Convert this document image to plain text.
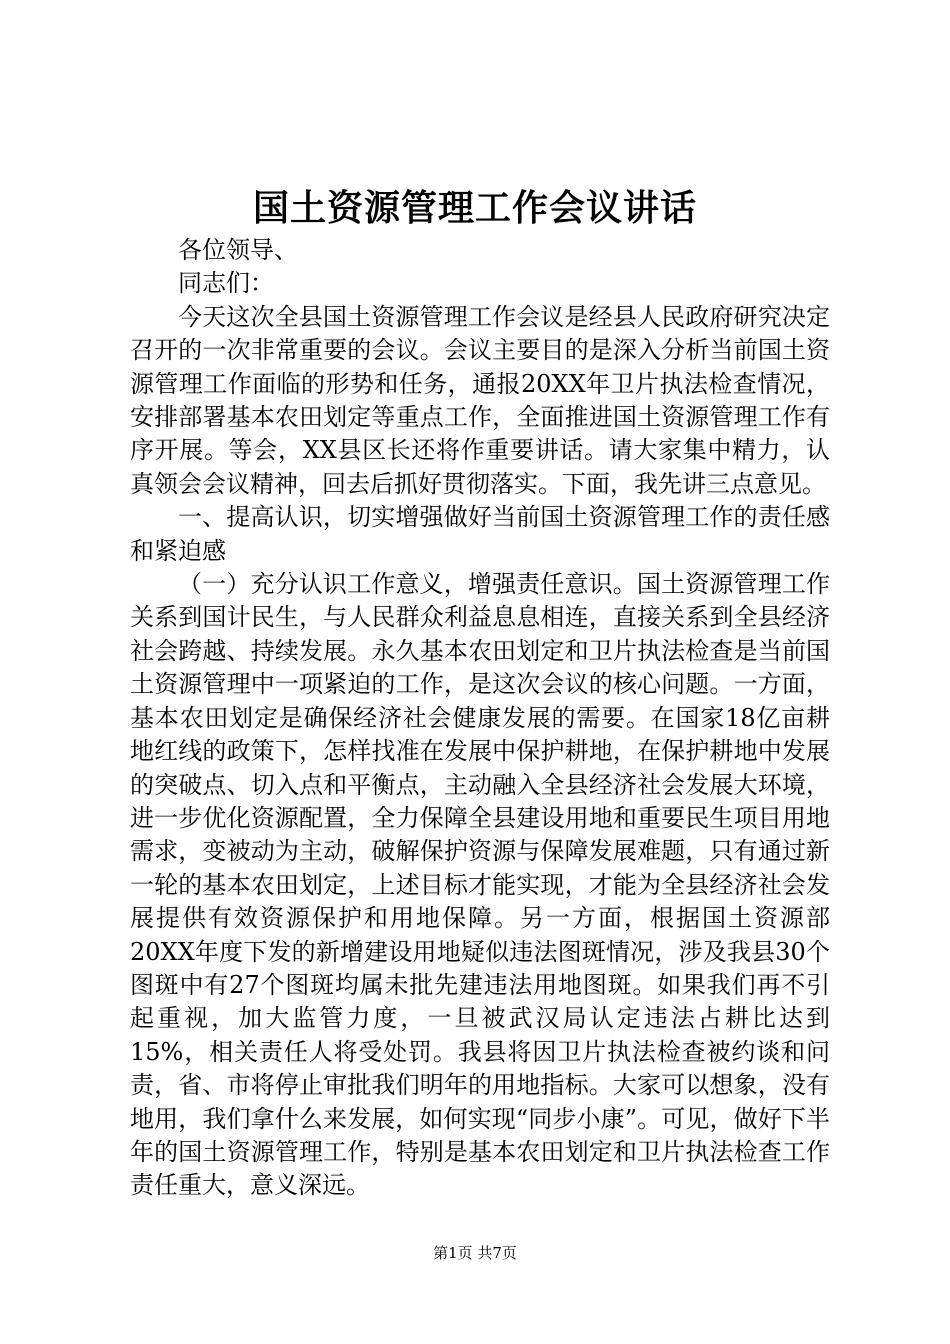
国土资源管理工作会议讲话

各位领导、

同志们：

今天这次全县国土资源管理工作会议是经县人民政府研究决定召开的一次非常重要的会议。会议主要目的是深入分析当前国土资源管理工作面临的形势和任务，通报20XX年卫片执法检查情况，安排部署基本农田划定等重点工作，全面推进国土资源管理工作有序开展。等会，XX县区长还将作重要讲话。请大家集中精力，认真领会会议精神，回去后抓好贯彻落实。下面，我先讲三点意见。

一、提高认识，切实增强做好当前国土资源管理工作的责任感和紧迫感

（一）充分认识工作意义，增强责任意识。国土资源管理工作关系到国计民生，与人民群众利益息息相连，直接关系到全县经济社会跨越、持续发展。永久基本农田划定和卫片执法检查是当前国土资源管理中一项紧迫的工作，是这次会议的核心问题。一方面，基本农田划定是确保经济社会健康发展的需要。在国家18亿亩耕地红线的政策下，怎样找准在发展中保护耕地，在保护耕地中发展的突破点、切入点和平衡点，主动融入全县经济社会发展大环境，进一步优化资源配置，全力保障全县建设用地和重要民生项目用地需求，变被动为主动，破解保护资源与保障发展难题，只有通过新一轮的基本农田划定，上述目标才能实现，才能为全县经济社会发展提供有效资源保护和用地保障。另一方面，根据国土资源部20XX年度下发的新增建设用地疑似违法图斑情况，涉及我县30个图斑中有27个图斑均属未批先建违法用地图斑。如果我们再不引起重视，加大监管力度，一旦被武汉局认定违法占耕比达到15%，相关责任人将受处罚。我县将因卫片执法检查被约谈和问责，省、市将停止审批我们明年的用地指标。大家可以想象，没有地用，我们拿什么来发展，如何实现“同步小康”。可见，做好下半年的国土资源管理工作，特别是基本农田划定和卫片执法检查工作责任重大，意义深远。

第1页 共7页
